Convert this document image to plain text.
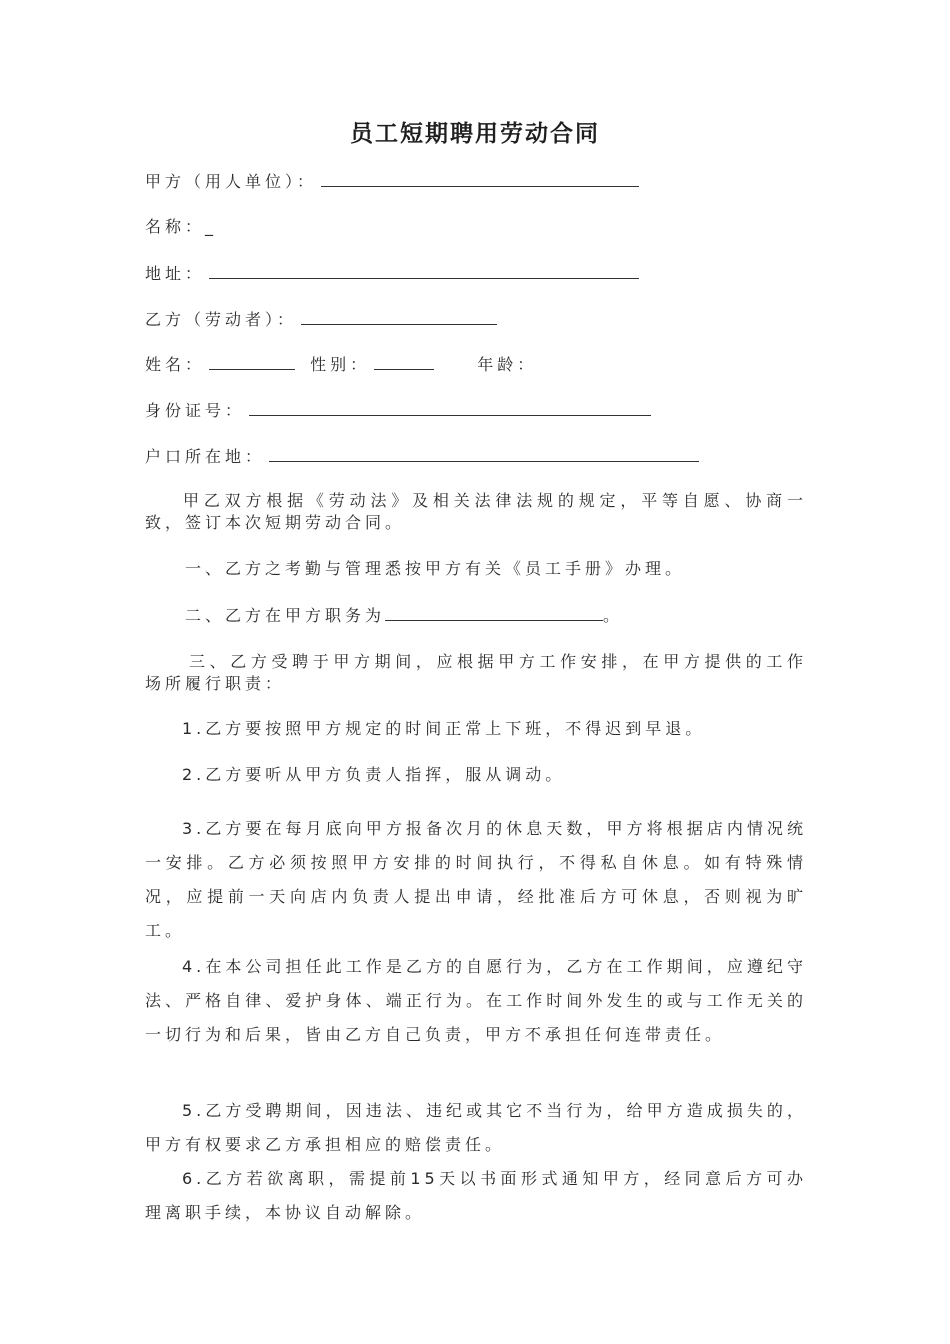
员工短期聘用劳动合同
甲方（用人单位）：
名称：_
地址：
乙方（劳动者）：
姓名：	性别：	年龄：
身份证号：
户口所在地：
甲乙双方根据《劳动法》及相关法律法规的规定，平等自愿、协商一致，签订本次短期劳动合同。
一、乙方之考勤与管理悉按甲方有关《员工手册》办理。
二、乙方在甲方职务为	。
三、乙方受聘于甲方期间，应根据甲方工作安排，在甲方提供的工作场所履行职责：
1.乙方要按照甲方规定的时间正常上下班，不得迟到早退。
2.乙方要听从甲方负责人指挥，服从调动。
3.乙方要在每月底向甲方报备次月的休息天数，甲方将根据店内情况统一安排。乙方必须按照甲方安排的时间执行，不得私自休息。如有特殊情况，应提前一天向店内负责人提出申请，经批准后方可休息，否则视为旷工。
4.在本公司担任此工作是乙方的自愿行为，乙方在工作期间，应遵纪守法、严格自律、爱护身体、端正行为。在工作时间外发生的或与工作无关的一切行为和后果，皆由乙方自己负责，甲方不承担任何连带责任。
5.乙方受聘期间，因违法、违纪或其它不当行为，给甲方造成损失的，甲方有权要求乙方承担相应的赔偿责任。
6.乙方若欲离职，需提前15天以书面形式通知甲方，经同意后方可办理离职手续，本协议自动解除。
